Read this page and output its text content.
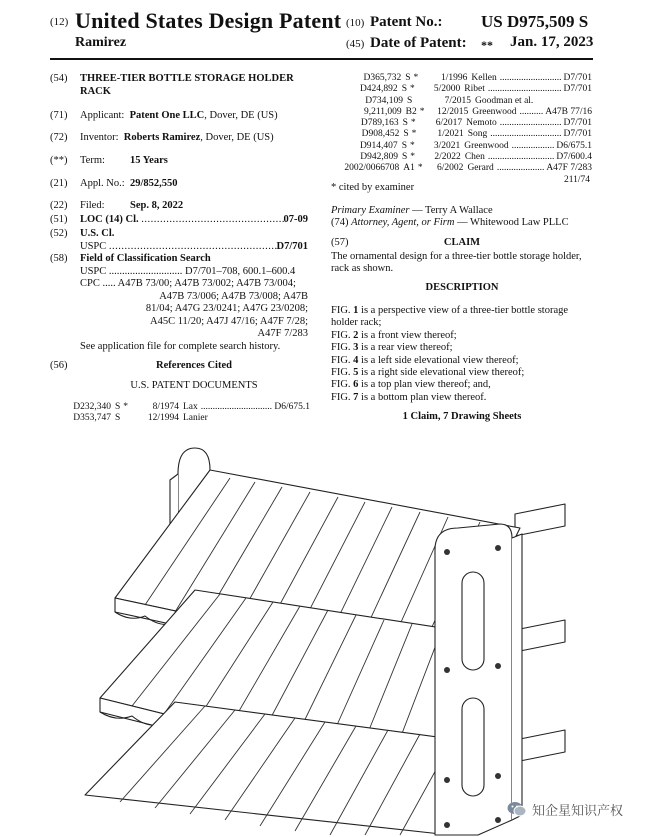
(12) United States Design Patent
Ramirez
(10) Patent No.: US D975,509 S
(45) Date of Patent: ** Jan. 17, 2023
(54)	THREE-TIER BOTTLE STORAGE HOLDER
RACK
(71)	Applicant: Patent One LLC, Dover, DE (US)
(72)	Inventor: Roberts Ramirez, Dover, DE (US)
(**)	Term: 15 Years
(21)	Appl. No.: 29/852,550
(22)	Filed: Sep. 8, 2022
(51)	LOC (14) Cl. ..............................................
07-09
(52)	U.S. Cl.
USPC .......................................................
D7/701
(58)	Field of Classification Search
USPC ............................ D7/701–708, 600.1–600.4
CPC ..... A47B 73/00; A47B 73/002; A47B 73/004;
A47B 73/006; A47B 73/008; A47B
81/04; A47G 23/0241; A47G 23/0208;
A45C 11/20; A47J 47/16; A47F 7/28;
A47F 7/283
See application file for complete search history.
(56)	References Cited
U.S. PATENT DOCUMENTS
D232,340 S *	8/1974 Lax .............................. D6/675.1
D353,747 S	12/1994 Lanier
D365,732 S *	1/1996 Kellen .......................... D7/701
D424,892 S *	5/2000 Ribet ............................... D7/701
D734,109 S	7/2015 Goodman et al.
9,211,009 B2 *	12/2015 Greenwood .......... A47B 77/16
D789,163 S *	6/2017 Nemoto .......................... D7/701
D908,452 S *	1/2021 Song .............................. D7/701
D914,407 S *	3/2021 Greenwood .................. D6/675.1
D942,809 S *	2/2022 Chen ............................ D7/600.4
2002/0066708 A1 *	6/2002 Gerard .................... A47F 7/283
211/74
* cited by examiner
Primary Examiner — Terry A Wallace
(74) Attorney, Agent, or Firm — Whitewood Law PLLC
(57)	CLAIM
The ornamental design for a three-tier bottle storage holder, rack as shown.
DESCRIPTION
FIG. 1 is a perspective view of a three-tier bottle storage holder rack;
FIG. 2 is a front view thereof;
FIG. 3 is a rear view thereof;
FIG. 4 is a left side elevational view thereof;
FIG. 5 is a right side elevational view thereof;
FIG. 6 is a top plan view thereof; and,
FIG. 7 is a bottom plan view thereof.
1 Claim, 7 Drawing Sheets
知企星知识产权
